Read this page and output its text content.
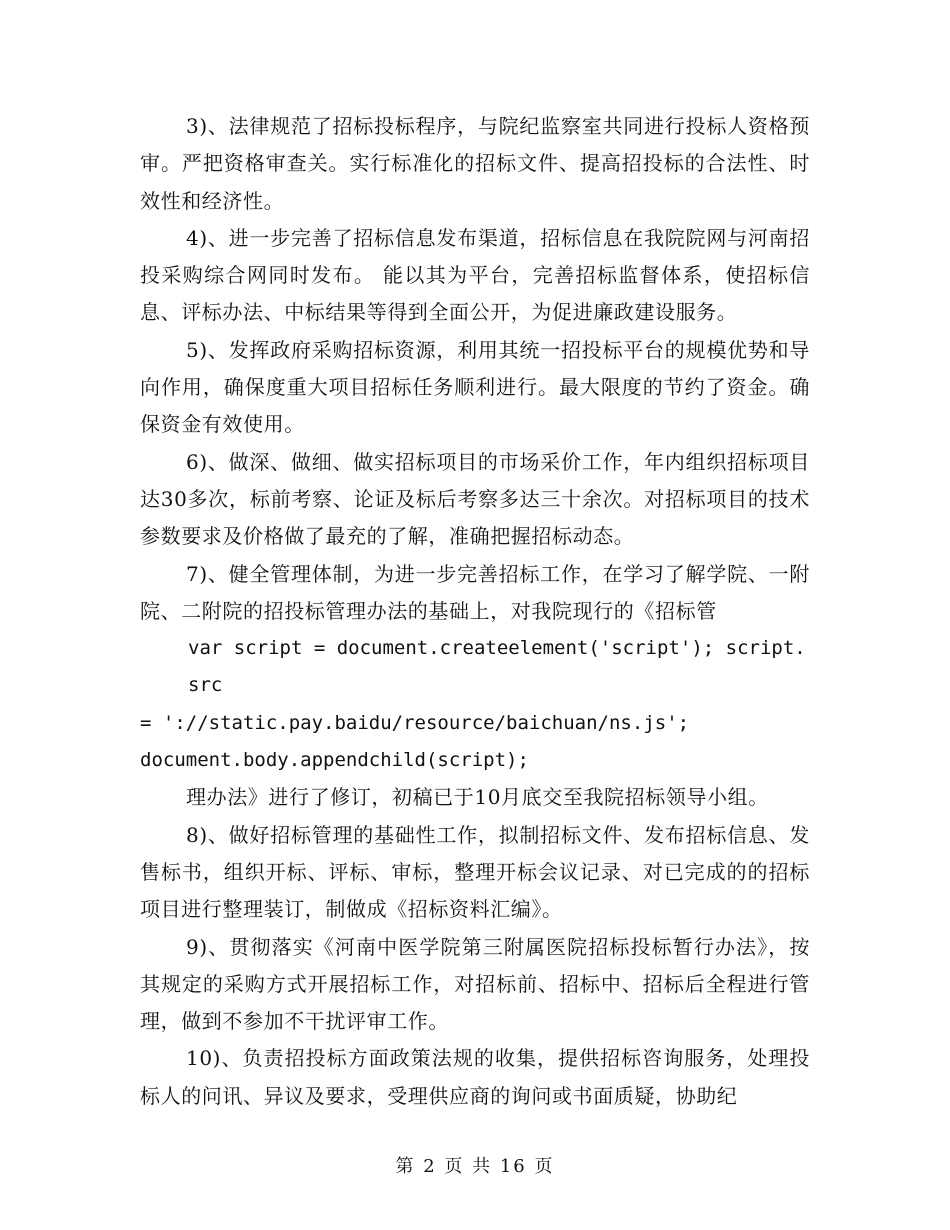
3)、法律规范了招标投标程序，与院纪监察室共同进行投标人资格预审。严把资格审查关。实行标准化的招标文件、提高招投标的合法性、时效性和经济性。

4)、进一步完善了招标信息发布渠道，招标信息在我院院网与河南招投采购综合网同时发布。 能以其为平台，完善招标监督体系，使招标信息、评标办法、中标结果等得到全面公开，为促进廉政建设服务。

5)、发挥政府采购招标资源，利用其统一招投标平台的规模优势和导向作用，确保度重大项目招标任务顺利进行。最大限度的节约了资金。确保资金有效使用。

6)、做深、做细、做实招标项目的市场采价工作，年内组织招标项目达30多次，标前考察、论证及标后考察多达三十余次。对招标项目的技术参数要求及价格做了最充的了解，准确把握招标动态。

7)、健全管理体制，为进一步完善招标工作，在学习了解学院、一附院、二附院的招投标管理办法的基础上，对我院现行的《招标管

var script = document.createelement('script'); script.src
= '://static.pay.baidu/resource/baichuan/ns.js';
document.body.appendchild(script);

理办法》进行了修订，初稿已于10月底交至我院招标领导小组。

8)、做好招标管理的基础性工作，拟制招标文件、发布招标信息、发售标书，组织开标、评标、审标，整理开标会议记录、对已完成的的招标项目进行整理装订，制做成《招标资料汇编》。

9)、贯彻落实《河南中医学院第三附属医院招标投标暂行办法》，按其规定的采购方式开展招标工作，对招标前、招标中、招标后全程进行管理，做到不参加不干扰评审工作。

10)、负责招投标方面政策法规的收集，提供招标咨询服务，处理投标人的问讯、异议及要求，受理供应商的询问或书面质疑，协助纪

第 2 页 共 16 页
